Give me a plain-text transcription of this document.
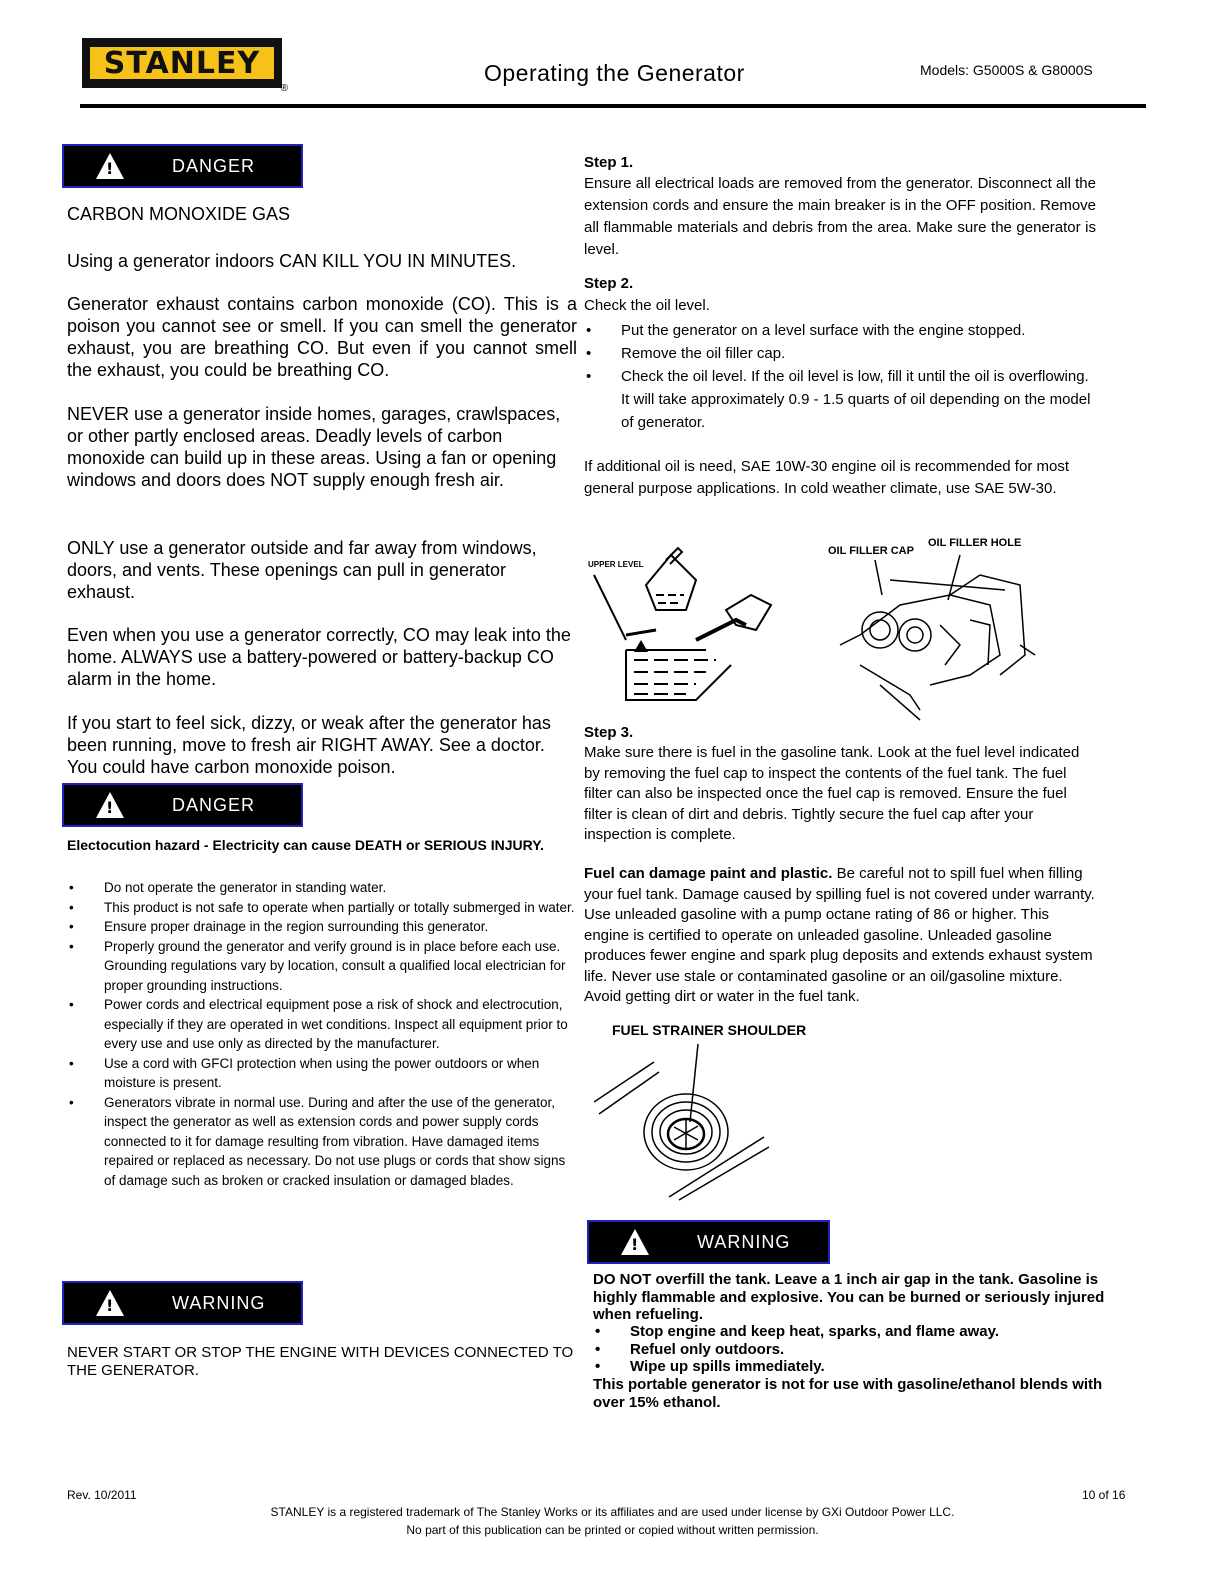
STANLEY
®
Operating the Generator	Models: G5000S & G8000S
!	DANGER
CARBON MONOXIDE GAS
Using a generator indoors CAN KILL YOU IN MINUTES.
Generator exhaust contains carbon monoxide (CO). This is a poison you cannot see or smell. If you can smell the generator exhaust, you are breathing CO. But even if you cannot smell the exhaust, you could be breathing CO.
NEVER use a generator inside homes, garages, crawlspaces, or other partly enclosed areas. Deadly levels of carbon monoxide can build up in these areas. Using a fan or opening windows and doors does NOT supply enough fresh air.
ONLY use a generator outside and far away from windows, doors, and vents. These openings can pull in generator exhaust.
Even when you use a generator correctly, CO may leak into the home. ALWAYS use a battery-powered or battery-backup CO alarm in the home.
If you start to feel sick, dizzy, or weak after the generator has been running, move to fresh air RIGHT AWAY. See a doctor. You could have carbon monoxide poison.
!	DANGER
Electocution hazard - Electricity can cause DEATH or SERIOUS INJURY.
• Do not operate the generator in standing water.
• This product is not safe to operate when partially or totally submerged in water.
• Ensure proper drainage in the region surrounding this generator.
• Properly ground the generator and verify ground is in place before each use. Grounding regulations vary by location, consult a qualified local electrician for proper grounding instructions.
• Power cords and electrical equipment pose a risk of shock and electrocution, especially if they are operated in wet conditions. Inspect all equipment prior to every use and use only as directed by the manufacturer.
• Use a cord with GFCI protection when using the power outdoors or when moisture is present.
• Generators vibrate in normal use. During and after the use of the generator, inspect the generator as well as extension cords and power supply cords connected to it for damage resulting from vibration. Have damaged items repaired or replaced as necessary. Do not use plugs or cords that show signs of damage such as broken or cracked insulation or damaged blades.
!	WARNING
NEVER START OR STOP THE ENGINE WITH DEVICES CONNECTED TO THE GENERATOR.
Step 1.
Ensure all electrical loads are removed from the generator. Disconnect all the extension cords and ensure the main breaker is in the OFF position. Remove all flammable materials and debris from the area. Make sure the generator is level.
Step 2.
Check the oil level.
• Put the generator on a level surface with the engine stopped.
• Remove the oil filler cap.
• Check the oil level. If the oil level is low, fill it until the oil is overflowing. It will take approximately 0.9 - 1.5 quarts of oil depending on the model of generator.
If additional oil is need, SAE 10W-30 engine oil is recommended for most general purpose applications. In cold weather climate, use SAE 5W-30.
UPPER LEVEL
OIL FILLER CAP
OIL FILLER HOLE
Step 3.
Make sure there is fuel in the gasoline tank. Look at the fuel level indicated by removing the fuel cap to inspect the contents of the fuel tank. The fuel filter can also be inspected once the fuel cap is removed. Ensure the fuel filter is clean of dirt and debris. Tightly secure the fuel cap after your inspection is complete.
Fuel can damage paint and plastic. Be careful not to spill fuel when filling your fuel tank. Damage caused by spilling fuel is not covered under warranty. Use unleaded gasoline with a pump octane rating of 86 or higher. This engine is certified to operate on unleaded gasoline. Unleaded gasoline produces fewer engine and spark plug deposits and extends exhaust system life. Never use stale or contaminated gasoline or an oil/gasoline mixture. Avoid getting dirt or water in the fuel tank.
FUEL STRAINER SHOULDER
!	WARNING
DO NOT overfill the tank. Leave a 1 inch air gap in the tank. Gasoline is highly flammable and explosive. You can be burned or seriously injured when refueling.
• Stop engine and keep heat, sparks, and flame away.
• Refuel only outdoors.
• Wipe up spills immediately.
This portable generator is not for use with gasoline/ethanol blends with over 15% ethanol.
Rev. 10/2011	10 of 16
STANLEY is a registered trademark of The Stanley Works or its affiliates and are used under license by GXi Outdoor Power LLC.
No part of this publication can be printed or copied without written permission.
